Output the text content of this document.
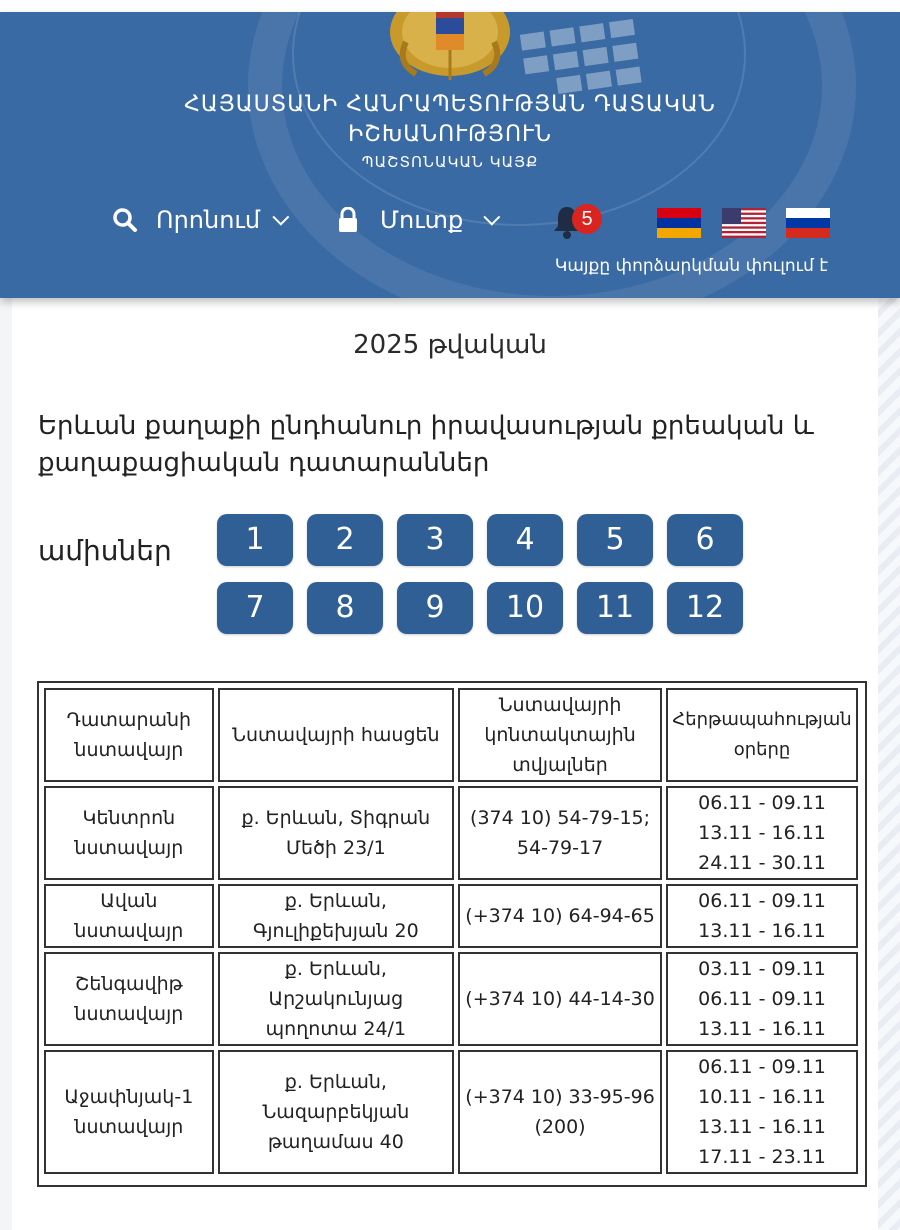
ՀԱՅԱՍՏԱՆԻ ՀԱՆՐԱՊԵՏՈՒԹՅԱՆ ԴԱՏԱԿԱՆ
ԻՇԽԱՆՈՒԹՅՈՒՆ
ՊԱՇՏՈՆԱԿԱՆ ԿԱՅՔ
Որոնում	Մուտք	5
Կայքը փորձարկման փուլում է
2025 թվական
Երևան քաղաքի ընդհանուր իրավասության քրեական և քաղաքացիական դատարաններ
ամիսներ	1	2	3	4	5	6
7	8	9	10	11	12
Դատարանի նստավայր	Նստավայրի հասցեն	Նստավայրի կոնտակտային տվյալներ	Հերթապահության օրերը
Կենտրոն նստավայր	ք. Երևան, Տիգրան Մեծի 23/1	(374 10) 54-79-15; 54-79-17	06.11 - 09.11
13.11 - 16.11
24.11 - 30.11

Ավան նստավայր	ք. Երևան, Գյուլիքեխյան 20	(+374 10) 64-94-65	06.11 - 09.11
13.11 - 16.11

Շենգավիթ նստավայր	ք. Երևան, Արշակունյաց պողոտա 24/1	(+374 10) 44-14-30	03.11 - 09.11
06.11 - 09.11
13.11 - 16.11

Աջափնյակ-1 նստավայր	ք. Երևան, Նազարբեկյան թաղամաս 40	(+374 10) 33-95-96 (200)	06.11 - 09.11
10.11 - 16.11
13.11 - 16.11
17.11 - 23.11
